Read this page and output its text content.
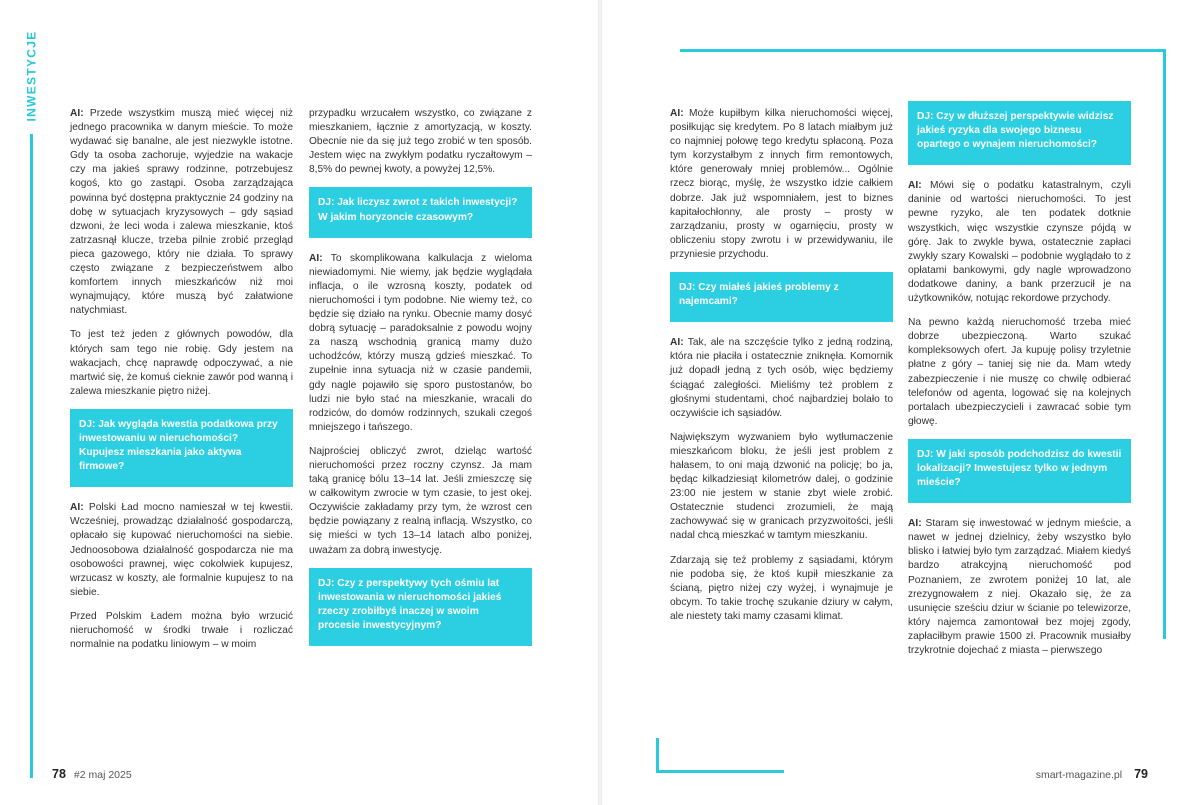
INWESTYCJE	AI: Przede wszystkim muszą mieć więcej niż jednego pracownika w danym mieście. To może wydawać się banalne, ale jest niezwykle istotne. Gdy ta osoba zachoruje, wyjedzie na wakacje czy ma jakieś sprawy rodzinne, potrzebujesz kogoś, kto go zastąpi. Osoba zarządzająca powinna być dostępna praktycznie 24 godziny na dobę w sytuacjach kryzysowych – gdy sąsiad dzwoni, że leci woda i zalewa mieszkanie, ktoś zatrzasnął klucze, trzeba pilnie zrobić przegląd pieca gazowego, który nie działa. To sprawy często związane z bezpieczeństwem albo komfortem innych mieszkańców niż moi wynajmujący, które muszą być załatwione natychmiast.

To jest też jeden z głównych powodów, dla których sam tego nie robię. Gdy jestem na wakacjach, chcę naprawdę odpoczywać, a nie martwić się, że komuś cieknie zawór pod wanną i zalewa mieszkanie piętro niżej.

DJ: Jak wygląda kwestia podatkowa przy inwestowaniu w nieruchomości? Kupujesz mieszkania jako aktywa firmowe?

AI: Polski Ład mocno namieszał w tej kwestii. Wcześniej, prowadząc działalność gospodarczą, opłacało się kupować nieruchomości na siebie. Jednoosobowa działalność gospodarcza nie ma osobowości prawnej, więc cokolwiek kupujesz, wrzucasz w koszty, ale formalnie kupujesz to na siebie.

Przed Polskim Ładem można było wrzucić nieruchomość w środki trwałe i rozliczać normalnie na podatku liniowym – w moim

przypadku wrzucałem wszystko, co związane z mieszkaniem, łącznie z amortyzacją, w koszty. Obecnie nie da się już tego zrobić w ten sposób. Jestem więc na zwykłym podatku ryczałtowym – 8,5% do pewnej kwoty, a powyżej 12,5%.

DJ: Jak liczysz zwrot z takich inwestycji? W jakim horyzoncie czasowym?

AI: To skomplikowana kalkulacja z wieloma niewiadomymi. Nie wiemy, jak będzie wyglądała inflacja, o ile wzrosną koszty, podatek od nieruchomości i tym podobne. Nie wiemy też, co będzie się działo na rynku. Obecnie mamy dosyć dobrą sytuację – paradoksalnie z powodu wojny za naszą wschodnią granicą mamy dużo uchodźców, którzy muszą gdzieś mieszkać. To zupełnie inna sytuacja niż w czasie pandemii, gdy nagle pojawiło się sporo pustostanów, bo ludzi nie było stać na mieszkanie, wracali do rodziców, do domów rodzinnych, szukali czegoś mniejszego i tańszego.

Najprościej obliczyć zwrot, dzieląc wartość nieruchomości przez roczny czynsz. Ja mam taką granicę bólu 13–14 lat. Jeśli zmieszczę się w całkowitym zwrocie w tym czasie, to jest okej. Oczywiście zakładamy przy tym, że wzrost cen będzie powiązany z realną inflacją. Wszystko, co się mieści w tych 13–14 latach albo poniżej, uważam za dobrą inwestycję.

DJ: Czy z perspektywy tych ośmiu lat inwestowania w nieruchomości jakieś rzeczy zrobiłbyś inaczej w swoim procesie inwestycyjnym?

AI: Może kupiłbym kilka nieruchomości więcej, posiłkując się kredytem. Po 8 latach miałbym już co najmniej połowę tego kredytu spłaconą. Poza tym korzystałbym z innych firm remontowych, które generowały mniej problemów... Ogólnie rzecz biorąc, myślę, że wszystko idzie całkiem dobrze. Jak już wspomniałem, jest to biznes kapitałochłonny, ale prosty – prosty w zarządzaniu, prosty w ogarnięciu, prosty w obliczeniu stopy zwrotu i w przewidywaniu, ile przyniesie przychodu.

DJ: Czy miałeś jakieś problemy z najemcami?

AI: Tak, ale na szczęście tylko z jedną rodziną, która nie płaciła i ostatecznie zniknęła. Komornik już dopadł jedną z tych osób, więc będziemy ściągać zaległości. Mieliśmy też problem z głośnymi studentami, choć najbardziej bolało to oczywiście ich sąsiadów.

Największym wyzwaniem było wytłumaczenie mieszkańcom bloku, że jeśli jest problem z hałasem, to oni mają dzwonić na policję; bo ja, będąc kilkadziesiąt kilometrów dalej, o godzinie 23:00 nie jestem w stanie zbyt wiele zrobić. Ostatecznie studenci zrozumieli, że mają zachowywać się w granicach przyzwoitości, jeśli nadal chcą mieszkać w tamtym mieszkaniu.

Zdarzają się też problemy z sąsiadami, którym nie podoba się, że ktoś kupił mieszkanie za ścianą, piętro niżej czy wyżej, i wynajmuje je obcym. To takie trochę szukanie dziury w całym, ale niestety taki mamy czasami klimat.

DJ: Czy w dłuższej perspektywie widzisz jakieś ryzyka dla swojego biznesu opartego o wynajem nieruchomości?

AI: Mówi się o podatku katastralnym, czyli daninie od wartości nieruchomości. To jest pewne ryzyko, ale ten podatek dotknie wszystkich, więc wszystkie czynsze pójdą w górę. Jak to zwykle bywa, ostatecznie zapłaci zwykły szary Kowalski – podobnie wyglądało to z opłatami bankowymi, gdy nagle wprowadzono dodatkowe daniny, a bank przerzucił je na użytkowników, notując rekordowe przychody.

Na pewno każdą nieruchomość trzeba mieć dobrze ubezpieczoną. Warto szukać kompleksowych ofert. Ja kupuję polisy trzyletnie płatne z góry – taniej się nie da. Mam wtedy zabezpieczenie i nie muszę co chwilę odbierać telefonów od agenta, logować się na kolejnych portalach ubezpieczycieli i zawracać sobie tym głowę.

DJ: W jaki sposób podchodzisz do kwestii lokalizacji? Inwestujesz tylko w jednym mieście?

AI: Staram się inwestować w jednym mieście, a nawet w jednej dzielnicy, żeby wszystko było blisko i łatwiej było tym zarządzać. Miałem kiedyś bardzo atrakcyjną nieruchomość pod Poznaniem, ze zwrotem poniżej 10 lat, ale zrezygnowałem z niej. Okazało się, że za usunięcie sześciu dziur w ścianie po telewizorze, który najemca zamontował bez mojej zgody, zapłaciłbym prawie 1500 zł. Pracownik musiałby trzykrotnie dojechać z miasta – pierwszego

78 #2 maj 2025	smart-magazine.pl 79
